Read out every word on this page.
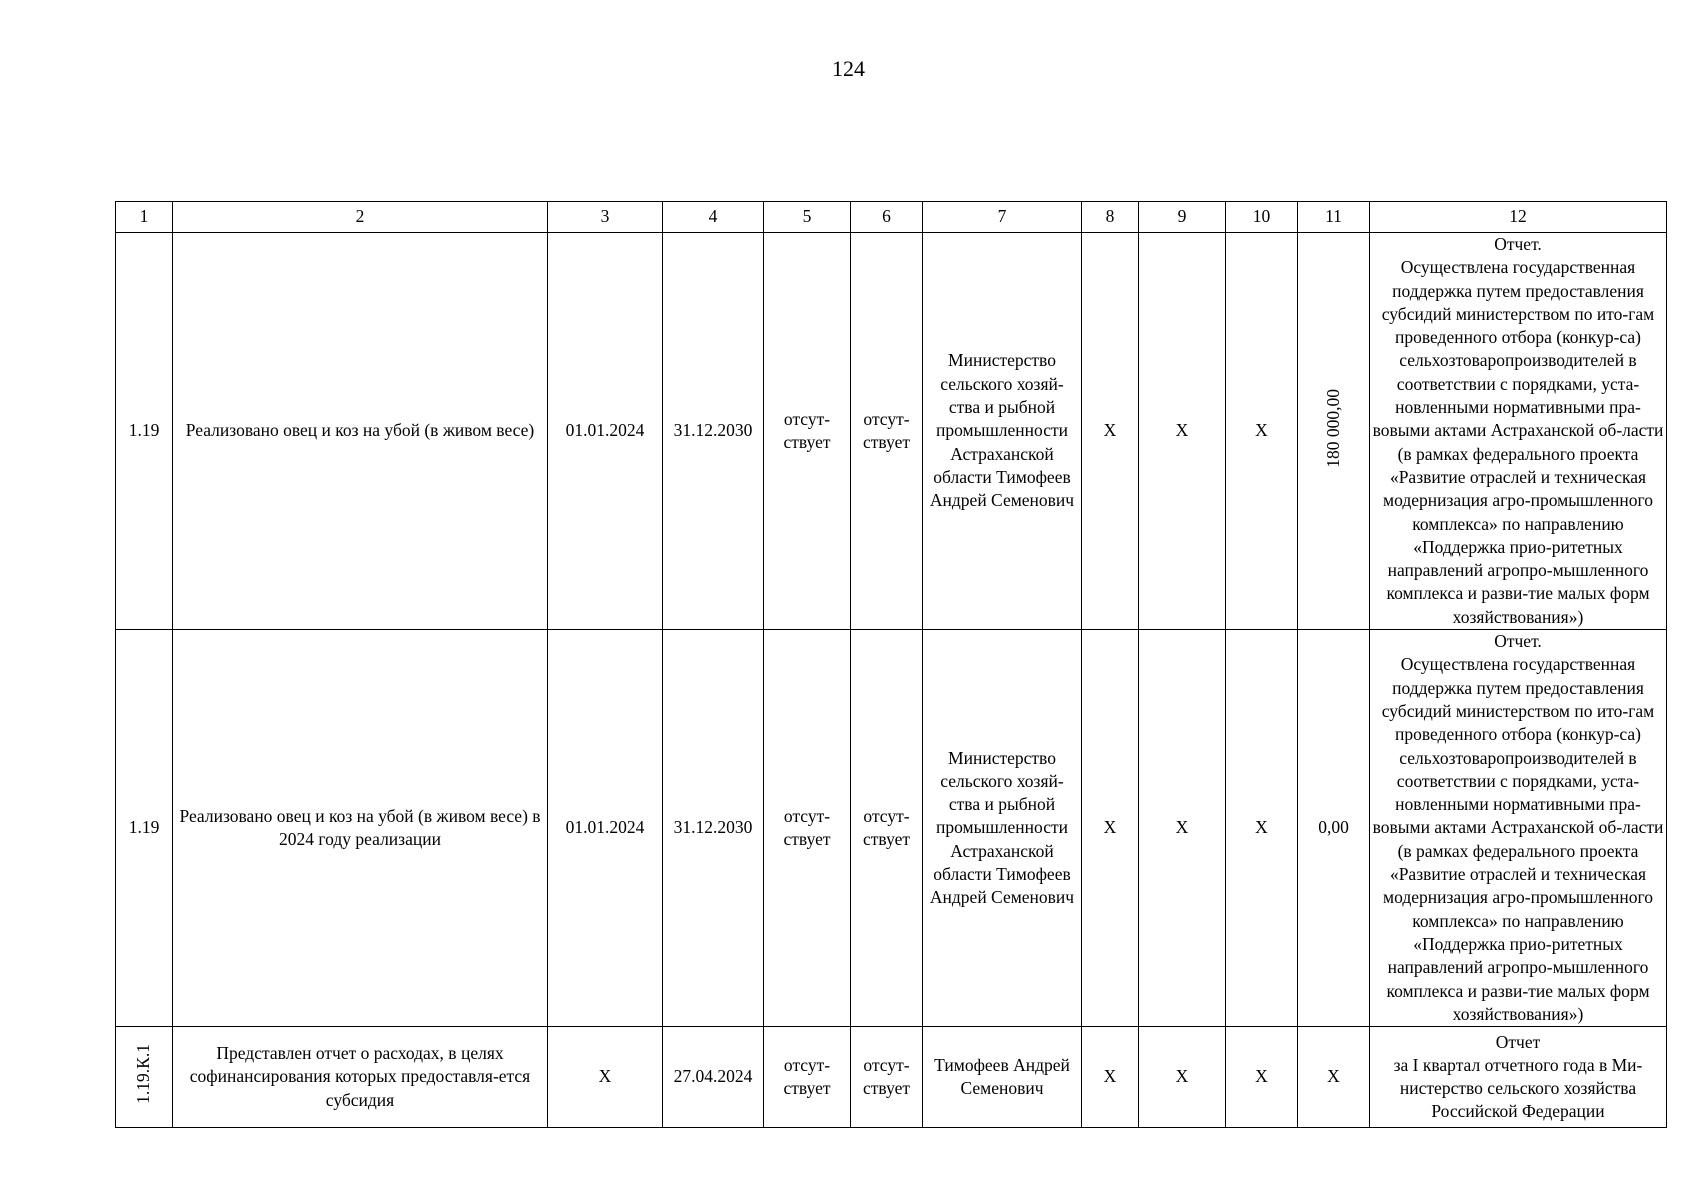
124
1	2	3	4	5	6	7	8	9	10	11	12
1.19	Реализовано овец и коз на убой (в живом весе)	01.01.2024	31.12.2030	отсут-ствует	отсут-ствует	Министерство сельского хозяй-ства и рыбной промышленности Астраханской области Тимофеев Андрей Семенович	X	X	X	180 000,00	Отчет.
Осуществлена государственная поддержка путем предоставления субсидий министерством по ито-гам проведенного отбора (конкур-са) сельхозтоваропроизводителей в соответствии с порядками, уста-новленными нормативными пра-вовыми актами Астраханской об-ласти (в рамках федерального проекта «Развитие отраслей и техническая модернизация агро-промышленного комплекса» по направлению «Поддержка прио-ритетных направлений агропро-мышленного комплекса и разви-тие малых форм хозяйствования»)

1.19	Реализовано овец и коз на убой (в живом весе) в 2024 году реализации	01.01.2024	31.12.2030	отсут-ствует	отсут-ствует	Министерство сельского хозяй-ства и рыбной промышленности Астраханской области Тимофеев Андрей Семенович	X	X	X	0,00	Отчет.
Осуществлена государственная поддержка путем предоставления субсидий министерством по ито-гам проведенного отбора (конкур-са) сельхозтоваропроизводителей в соответствии с порядками, уста-новленными нормативными пра-вовыми актами Астраханской об-ласти (в рамках федерального проекта «Развитие отраслей и техническая модернизация агро-промышленного комплекса» по направлению «Поддержка прио-ритетных направлений агропро-мышленного комплекса и разви-тие малых форм хозяйствования»)

1.19.К.1	Представлен отчет о расходах, в целях софинансирования которых предоставля-ется субсидия	X	27.04.2024	отсут-ствует	отсут-ствует	Тимофеев Андрей Семенович	X	X	X	X	Отчет
за I квартал отчетного года в Ми-нистерство сельского хозяйства Российской Федерации
